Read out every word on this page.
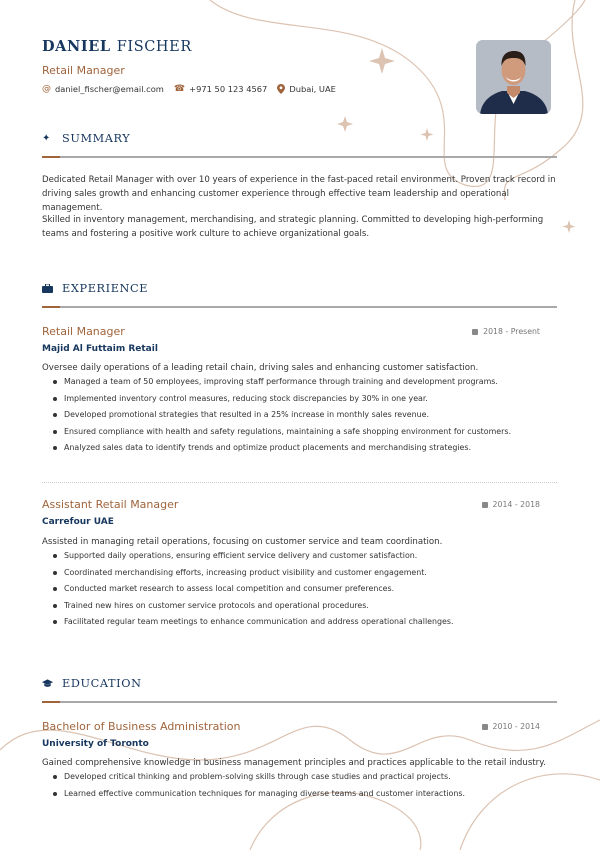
DANIEL FISCHER
Retail Manager
@ daniel_fischer@email.com ☎ +971 50 123 4567	Dubai, UAE
✦ SUMMARY
Dedicated Retail Manager with over 10 years of experience in the fast-paced retail environment. Proven track record in driving sales growth and enhancing customer experience through effective team leadership and operational management.
Skilled in inventory management, merchandising, and strategic planning. Committed to developing high-performing teams and fostering a positive work culture to achieve organizational goals.
EXPERIENCE
Retail Manager	2018 - Present
Majid Al Futtaim Retail
Oversee daily operations of a leading retail chain, driving sales and enhancing customer satisfaction.
Managed a team of 50 employees, improving staff performance through training and development programs.
Implemented inventory control measures, reducing stock discrepancies by 30% in one year.
Developed promotional strategies that resulted in a 25% increase in monthly sales revenue.
Ensured compliance with health and safety regulations, maintaining a safe shopping environment for customers.
Analyzed sales data to identify trends and optimize product placements and merchandising strategies.
Assistant Retail Manager	2014 - 2018
Carrefour UAE
Assisted in managing retail operations, focusing on customer service and team coordination.
Supported daily operations, ensuring efficient service delivery and customer satisfaction.
Coordinated merchandising efforts, increasing product visibility and customer engagement.
Conducted market research to assess local competition and consumer preferences.
Trained new hires on customer service protocols and operational procedures.
Facilitated regular team meetings to enhance communication and address operational challenges.
EDUCATION
Bachelor of Business Administration	2010 - 2014
University of Toronto
Gained comprehensive knowledge in business management principles and practices applicable to the retail industry.
Developed critical thinking and problem-solving skills through case studies and practical projects.
Learned effective communication techniques for managing diverse teams and customer interactions.
